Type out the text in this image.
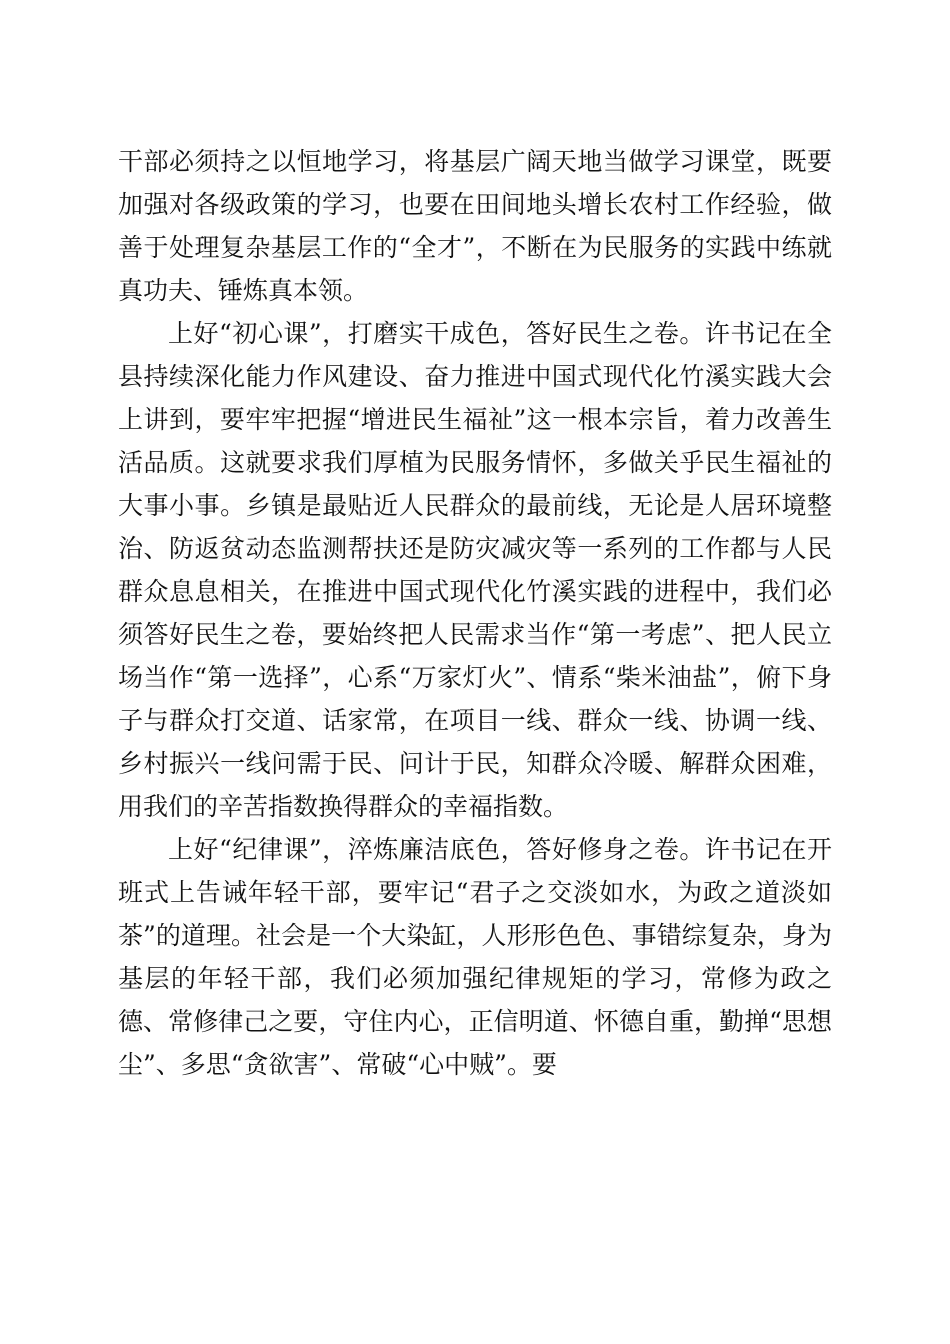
干部必须持之以恒地学习，将基层广阔天地当做学习课堂，既要加强对各级政策的学习，也要在田间地头增长农村工作经验，做善于处理复杂基层工作的“全才”，不断在为民服务的实践中练就真功夫、锤炼真本领。

上好“初心课”，打磨实干成色，答好民生之卷。许书记在全县持续深化能力作风建设、奋力推进中国式现代化竹溪实践大会上讲到，要牢牢把握“增进民生福祉”这一根本宗旨，着力改善生活品质。这就要求我们厚植为民服务情怀，多做关乎民生福祉的大事小事。乡镇是最贴近人民群众的最前线，无论是人居环境整治、防返贫动态监测帮扶还是防灾减灾等一系列的工作都与人民群众息息相关，在推进中国式现代化竹溪实践的进程中，我们必须答好民生之卷，要始终把人民需求当作“第一考虑”、把人民立场当作“第一选择”，心系“万家灯火”、情系“柴米油盐”，俯下身子与群众打交道、话家常，在项目一线、群众一线、协调一线、乡村振兴一线问需于民、问计于民，知群众冷暖、解群众困难，用我们的辛苦指数换得群众的幸福指数。

上好“纪律课”，淬炼廉洁底色，答好修身之卷。许书记在开班式上告诫年轻干部，要牢记“君子之交淡如水，为政之道淡如茶”的道理。社会是一个大染缸，人形形色色、事错综复杂，身为基层的年轻干部，我们必须加强纪律规矩的学习，常修为政之德、常修律己之要，守住内心，正信明道、怀德自重，勤掸“思想尘”、多思“贪欲害”、常破“心中贼”。要
